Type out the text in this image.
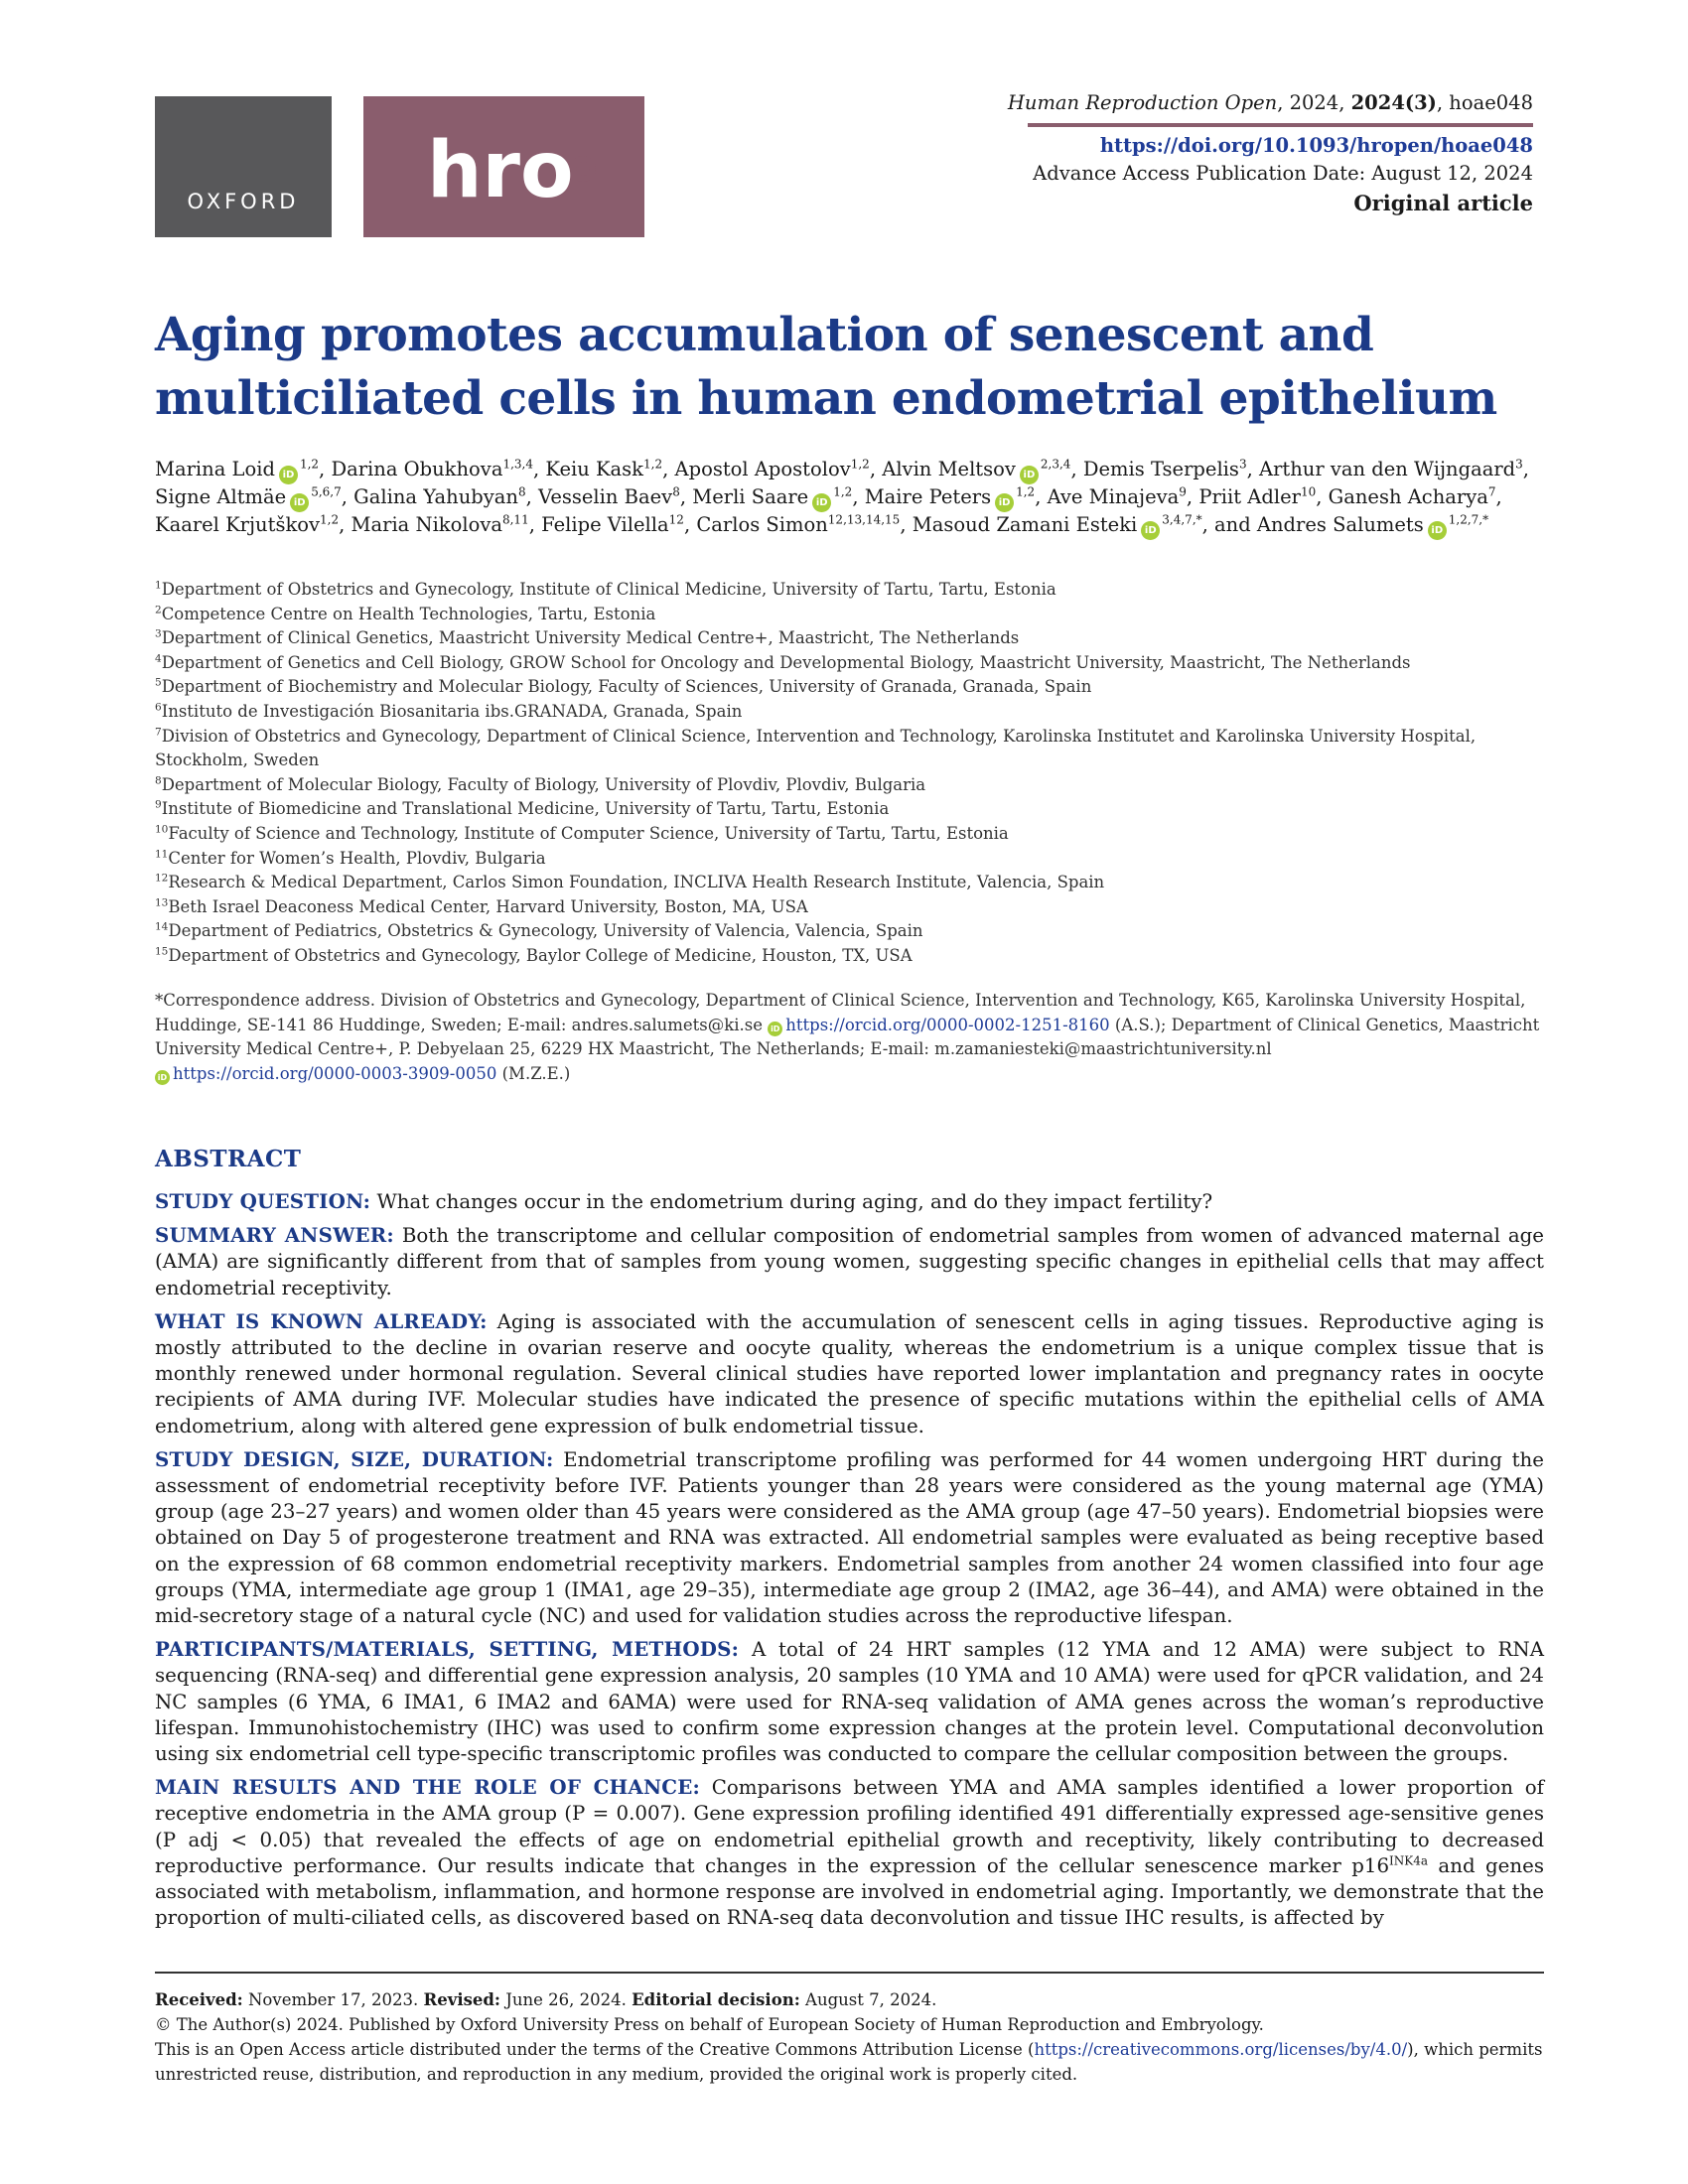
OXFORD	hro
Human Reproduction Open, 2024, 2024(3), hoae048
https://doi.org/10.1093/hropen/hoae048
Advance Access Publication Date: August 12, 2024
Original article
Aging promotes accumulation of senescent and
multiciliated cells in human endometrial epithelium
Marina Loid iD$^{1,2}$, Darina Obukhova$^{1,3,4}$, Keiu Kask$^{1,2}$, Apostol Apostolov$^{1,2}$, Alvin Meltsov iD$^{2,3,4}$, Demis Tserpelis$^3$, Arthur van den Wijngaard$^3$, Signe Altmäe iD$^{5,6,7}$, Galina Yahubyan$^8$, Vesselin Baev$^8$, Merli Saare iD$^{1,2}$, Maire Peters iD$^{1,2}$, Ave Minajeva$^9$, Priit Adler$^{10}$, Ganesh Acharya$^7$, Kaarel Krjutškov$^{1,2}$, Maria Nikolova$^{8,11}$, Felipe Vilella$^{12}$, Carlos Simon$^{12,13,14,15}$, Masoud Zamani Esteki $iD^{3,4,7,*}$, and Andres Salumets $iD^{1,2,7,*}$
$^1$Department of Obstetrics and Gynecology, Institute of Clinical Medicine, University of Tartu, Tartu, Estonia
$^2$Competence Centre on Health Technologies, Tartu, Estonia
$^3$Department of Clinical Genetics, Maastricht University Medical Centre+, Maastricht, The Netherlands
$^4$Department of Genetics and Cell Biology, GROW School for Oncology and Developmental Biology, Maastricht University, Maastricht, The Netherlands
$^5$Department of Biochemistry and Molecular Biology, Faculty of Sciences, University of Granada, Granada, Spain
$^6$Instituto de Investigación Biosanitaria ibs.GRANADA, Granada, Spain
$^7$Division of Obstetrics and Gynecology, Department of Clinical Science, Intervention and Technology, Karolinska Institutet and Karolinska University Hospital, Stockholm, Sweden
$^8$Department of Molecular Biology, Faculty of Biology, University of Plovdiv, Plovdiv, Bulgaria
$^9$Institute of Biomedicine and Translational Medicine, University of Tartu, Tartu, Estonia
$^{10}$Faculty of Science and Technology, Institute of Computer Science, University of Tartu, Tartu, Estonia
$^{11}$Center for Women’s Health, Plovdiv, Bulgaria
$^{12}$Research & Medical Department, Carlos Simon Foundation, INCLIVA Health Research Institute, Valencia, Spain
$^{13}$Beth Israel Deaconess Medical Center, Harvard University, Boston, MA, USA
$^{14}$Department of Pediatrics, Obstetrics & Gynecology, University of Valencia, Valencia, Spain
$^{15}$Department of Obstetrics and Gynecology, Baylor College of Medicine, Houston, TX, USA
*Correspondence address. Division of Obstetrics and Gynecology, Department of Clinical Science, Intervention and Technology, K65, Karolinska University Hospital, Huddinge, SE-141 86 Huddinge, Sweden; E-mail: andres.salumets@ki.se iD https://orcid.org/0000-0002-1251-8160 (A.S.); Department of Clinical Genetics, Maastricht University Medical Centre+, P. Debyelaan 25, 6229 HX Maastricht, The Netherlands; E-mail: m.zamaniesteki@maastrichtuniversity.nl
iD https://orcid.org/0000-0003-3909-0050 (M.Z.E.)
ABSTRACT

STUDY QUESTION: What changes occur in the endometrium during aging, and do they impact fertility?

SUMMARY ANSWER: Both the transcriptome and cellular composition of endometrial samples from women of advanced maternal age (AMA) are significantly different from that of samples from young women, suggesting specific changes in epithelial cells that may affect endometrial receptivity.

WHAT IS KNOWN ALREADY: Aging is associated with the accumulation of senescent cells in aging tissues. Reproductive aging is mostly attributed to the decline in ovarian reserve and oocyte quality, whereas the endometrium is a unique complex tissue that is monthly renewed under hormonal regulation. Several clinical studies have reported lower implantation and pregnancy rates in oocyte recipients of AMA during IVF. Molecular studies have indicated the presence of specific mutations within the epithelial cells of AMA endometrium, along with altered gene expression of bulk endometrial tissue.

STUDY DESIGN, SIZE, DURATION: Endometrial transcriptome profiling was performed for 44 women undergoing HRT during the assessment of endometrial receptivity before IVF. Patients younger than 28 years were considered as the young maternal age (YMA) group (age 23–27 years) and women older than 45 years were considered as the AMA group (age 47–50 years). Endometrial biopsies were obtained on Day 5 of progesterone treatment and RNA was extracted. All endometrial samples were evaluated as being receptive based on the expression of 68 common endometrial receptivity markers. Endometrial samples from another 24 women classified into four age groups (YMA, intermediate age group 1 (IMA1, age 29–35), intermediate age group 2 (IMA2, age 36–44), and AMA) were obtained in the mid-secretory stage of a natural cycle (NC) and used for validation studies across the reproductive lifespan.

PARTICIPANTS/MATERIALS, SETTING, METHODS: A total of 24 HRT samples (12 YMA and 12 AMA) were subject to RNA sequencing (RNA-seq) and differential gene expression analysis, 20 samples (10 YMA and 10 AMA) were used for qPCR validation, and 24 NC samples (6 YMA, 6 IMA1, 6 IMA2 and 6AMA) were used for RNA-seq validation of AMA genes across the woman’s reproductive lifespan. Immunohistochemistry (IHC) was used to confirm some expression changes at the protein level. Computational deconvolution using six endometrial cell type-specific transcriptomic profiles was conducted to compare the cellular composition between the groups.

MAIN RESULTS AND THE ROLE OF CHANCE: Comparisons between YMA and AMA samples identified a lower proportion of receptive endometria in the AMA group (P = 0.007). Gene expression profiling identified 491 differentially expressed age-sensitive genes (P adj < 0.05) that revealed the effects of age on endometrial epithelial growth and receptivity, likely contributing to decreased reproductive performance. Our results indicate that changes in the expression of the cellular senescence marker $p16^{INK4a}$ and genes associated with metabolism, inflammation, and hormone response are involved in endometrial aging. Importantly, we demonstrate that the proportion of multi-ciliated cells, as discovered based on RNA-seq data deconvolution and tissue IHC results, is affected by

Received: November 17, 2023. Revised: June 26, 2024. Editorial decision: August 7, 2024.
© The Author(s) 2024. Published by Oxford University Press on behalf of European Society of Human Reproduction and Embryology.
This is an Open Access article distributed under the terms of the Creative Commons Attribution License (https://creativecommons.org/licenses/by/4.0/), which permits unrestricted reuse, distribution, and reproduction in any medium, provided the original work is properly cited.
